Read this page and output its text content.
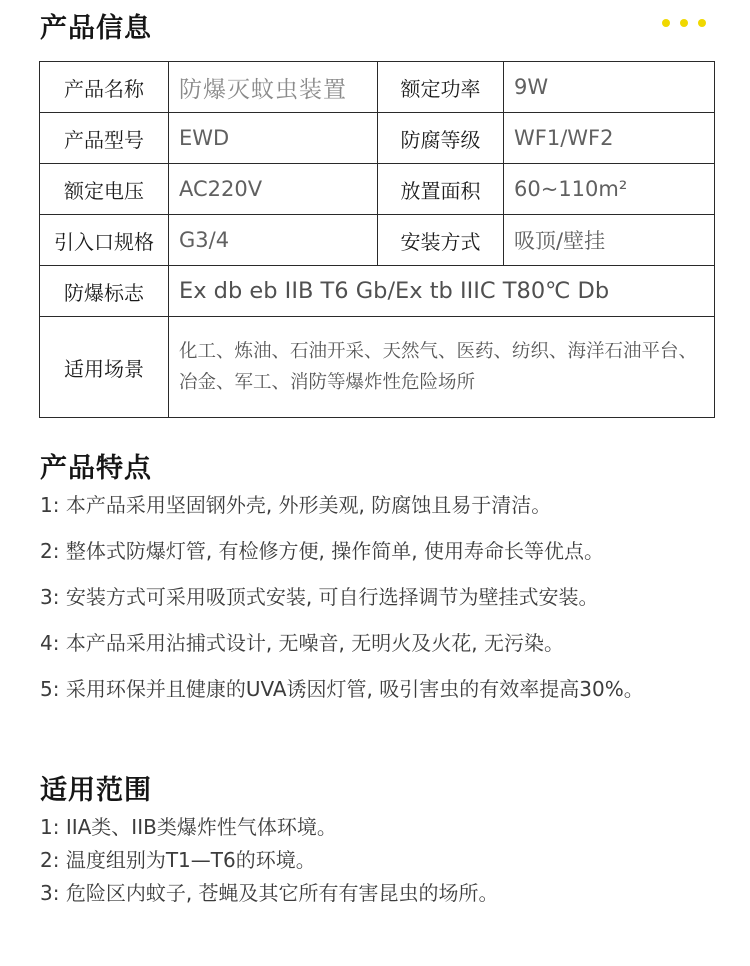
产品信息
产品名称	防爆灭蚊虫装置	额定功率	9W
产品型号	EWD	防腐等级	WF1/WF2
额定电压	AC220V	放置面积	60~110m²
引入口规格	G3/4	安装方式	吸顶/壁挂
防爆标志	Ex db eb IIB T6 Gb/Ex tb IIIC T80℃ Db		
适用场景	化工、炼油、石油开采、天然气、医药、纺织、海洋石油平台、冶金、军工、消防等爆炸性危险场所		
产品特点
1: 本产品采用坚固钢外壳, 外形美观, 防腐蚀且易于清洁。
2: 整体式防爆灯管, 有检修方便, 操作简单, 使用寿命长等优点。
3: 安装方式可采用吸顶式安装, 可自行选择调节为壁挂式安装。
4: 本产品采用沾捕式设计, 无噪音, 无明火及火花, 无污染。
5: 采用环保并且健康的UVA诱因灯管, 吸引害虫的有效率提高30%。
适用范围
1: IIA类、IIB类爆炸性气体环境。
2: 温度组别为T1—T6的环境。
3: 危险区内蚊子, 苍蝇及其它所有有害昆虫的场所。
